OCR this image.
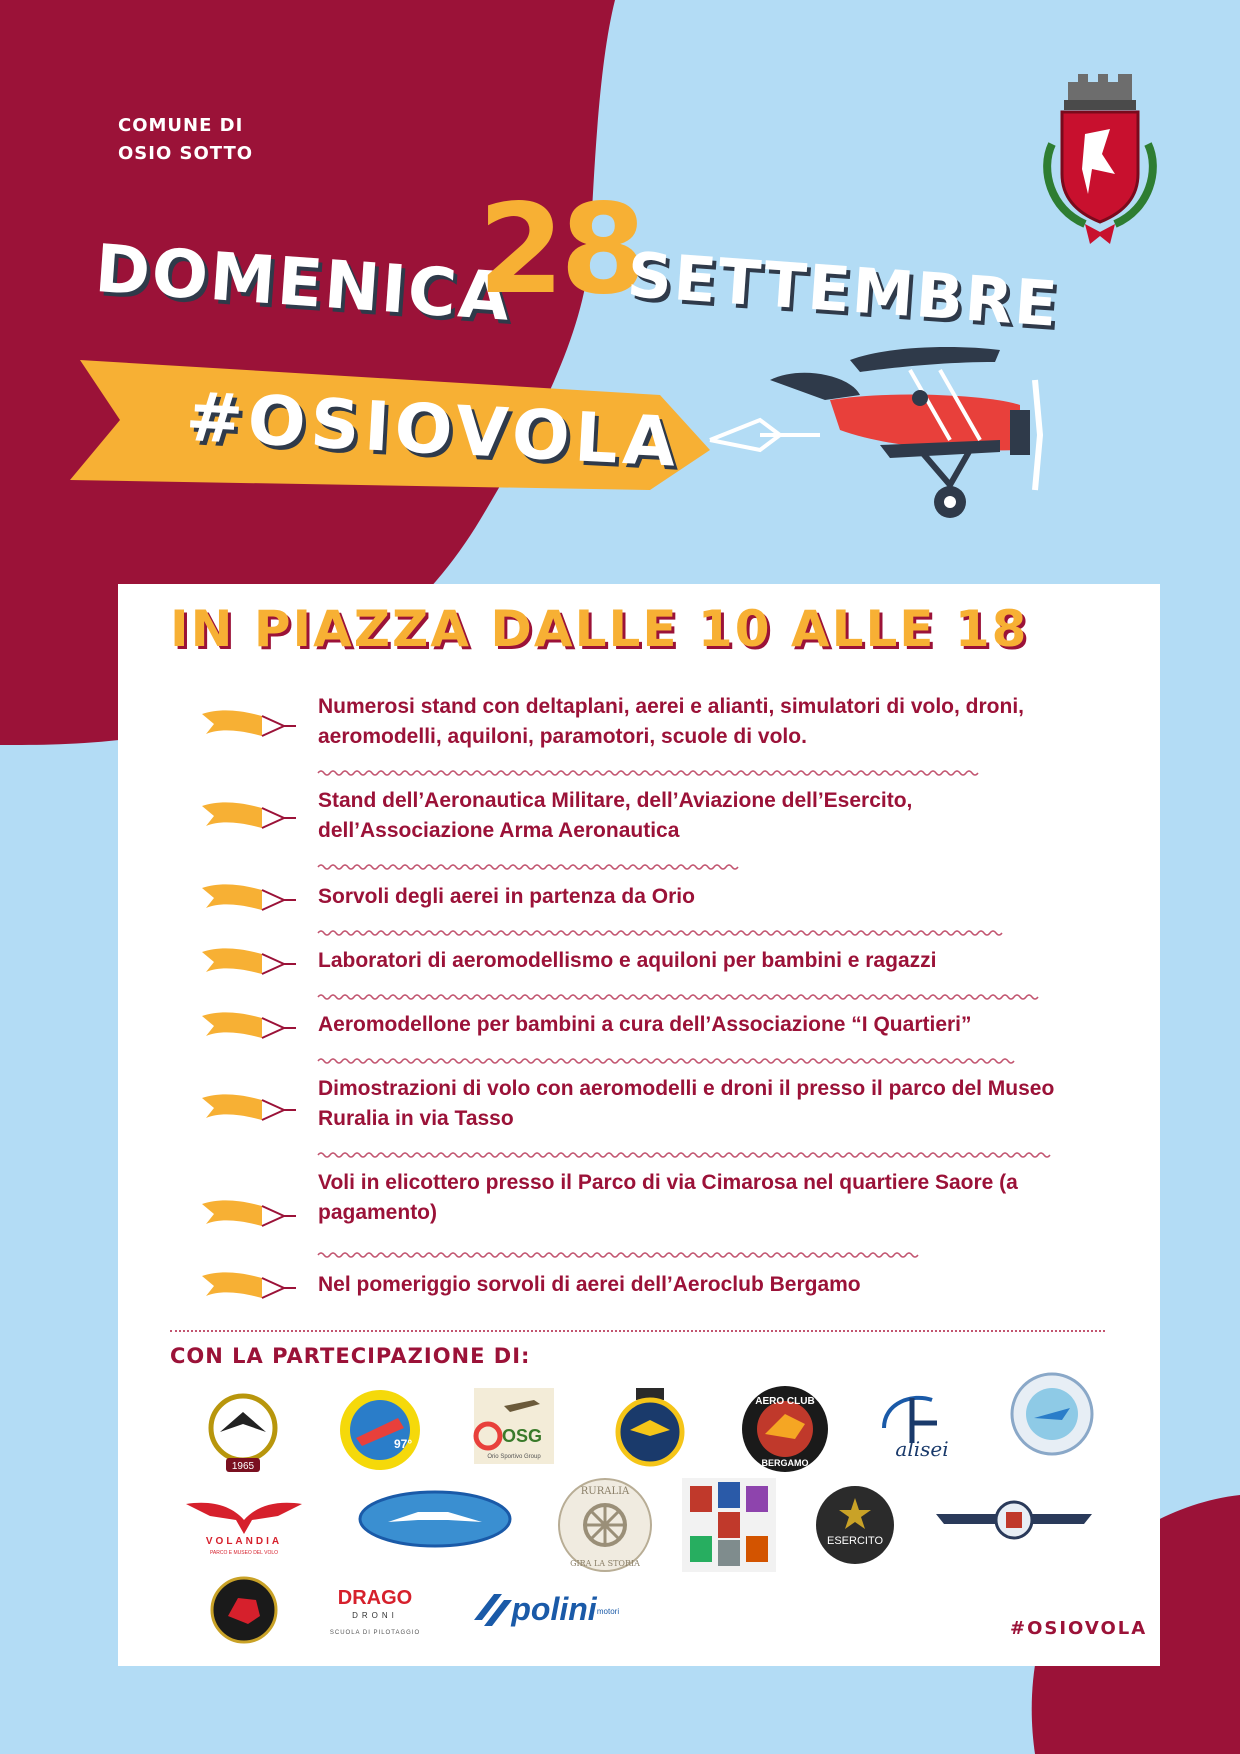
COMUNE DI
OSIO SOTTO
DOMENICA
28
SETTEMBRE
#OSIOVOLA
IN PIAZZA DALLE 10 ALLE 18
Numerosi stand con deltaplani, aerei e alianti, simulatori di volo, droni, aeromodelli, aquiloni, paramotori, scuole di volo.
Stand dell’Aeronautica Militare, dell’Aviazione dell’Esercito, dell’Associazione Arma Aeronautica
Sorvoli degli aerei in partenza da Orio
Laboratori di aeromodellismo e aquiloni per bambini e ragazzi
Aeromodellone per bambini a cura dell’Associazione “I Quartieri”
Dimostrazioni di volo con aeromodelli e droni il presso il parco del Museo Ruralia in via Tasso
Voli in elicottero presso il Parco di via Cimarosa nel quartiere Saore (a pagamento)
Nel pomeriggio sorvoli di aerei dell’Aeroclub Bergamo
CON LA PARTECIPAZIONE DI:
1965
97°	OSG
Orio Sportivo Group
AERO CLUB
BERGAMO
alisei
VOLANDIA
PARCO E MUSEO DEL VOLO
RURALIA
GIRA LA STORIA
ESERCITO
DRAGO
DRONI
SCUOLA DI PILOTAGGIO
polini motori
#OSIOVOLA
